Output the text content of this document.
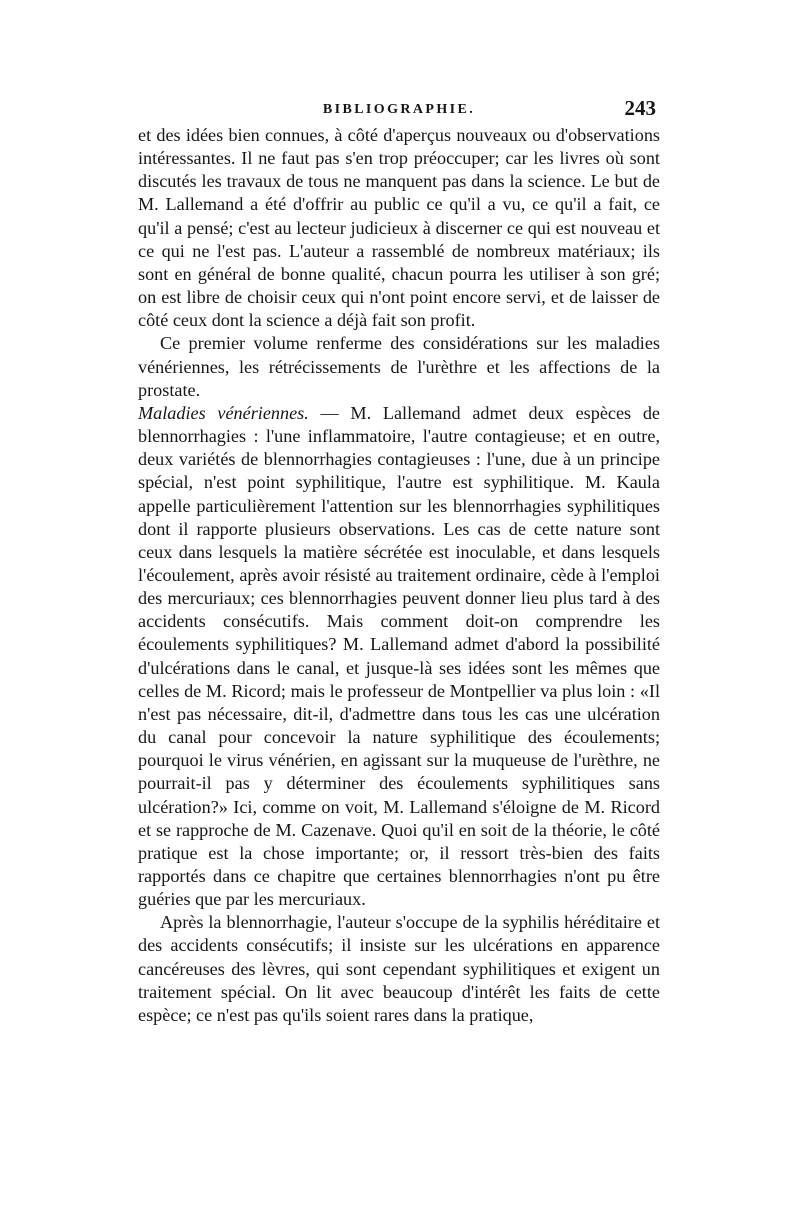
BIBLIOGRAPHIE.	243

et des idées bien connues, à côté d'aperçus nouveaux ou d'observations intéressantes. Il ne faut pas s'en trop préoccuper; car les livres où sont discutés les travaux de tous ne manquent pas dans la science. Le but de M. Lallemand a été d'offrir au public ce qu'il a vu, ce qu'il a fait, ce qu'il a pensé; c'est au lecteur judicieux à discerner ce qui est nouveau et ce qui ne l'est pas. L'auteur a rassemblé de nombreux matériaux; ils sont en général de bonne qualité, chacun pourra les utiliser à son gré; on est libre de choisir ceux qui n'ont point encore servi, et de laisser de côté ceux dont la science a déjà fait son profit.

Ce premier volume renferme des considérations sur les maladies vénériennes, les rétrécissements de l'urèthre et les affections de la prostate.

Maladies vénériennes. — M. Lallemand admet deux espèces de blennorrhagies : l'une inflammatoire, l'autre contagieuse; et en outre, deux variétés de blennorrhagies contagieuses : l'une, due à un principe spécial, n'est point syphilitique, l'autre est syphilitique. M. Kaula appelle particulièrement l'attention sur les blennorrhagies syphilitiques dont il rapporte plusieurs observations. Les cas de cette nature sont ceux dans lesquels la matière sécrétée est inoculable, et dans lesquels l'écoulement, après avoir résisté au traitement ordinaire, cède à l'emploi des mercuriaux; ces blennorrhagies peuvent donner lieu plus tard à des accidents consécutifs. Mais comment doit-on comprendre les écoulements syphilitiques? M. Lallemand admet d'abord la possibilité d'ulcérations dans le canal, et jusque-là ses idées sont les mêmes que celles de M. Ricord; mais le professeur de Montpellier va plus loin : «Il n'est pas nécessaire, dit-il, d'admettre dans tous les cas une ulcération du canal pour concevoir la nature syphilitique des écoulements; pourquoi le virus vénérien, en agissant sur la muqueuse de l'urèthre, ne pourrait-il pas y déterminer des écoulements syphilitiques sans ulcération?» Ici, comme on voit, M. Lallemand s'éloigne de M. Ricord et se rapproche de M. Cazenave. Quoi qu'il en soit de la théorie, le côté pratique est la chose importante; or, il ressort très-bien des faits rapportés dans ce chapitre que certaines blennorrhagies n'ont pu être guéries que par les mercuriaux.

Après la blennorrhagie, l'auteur s'occupe de la syphilis héréditaire et des accidents consécutifs; il insiste sur les ulcérations en apparence cancéreuses des lèvres, qui sont cependant syphilitiques et exigent un traitement spécial. On lit avec beaucoup d'intérêt les faits de cette espèce; ce n'est pas qu'ils soient rares dans la pratique,
